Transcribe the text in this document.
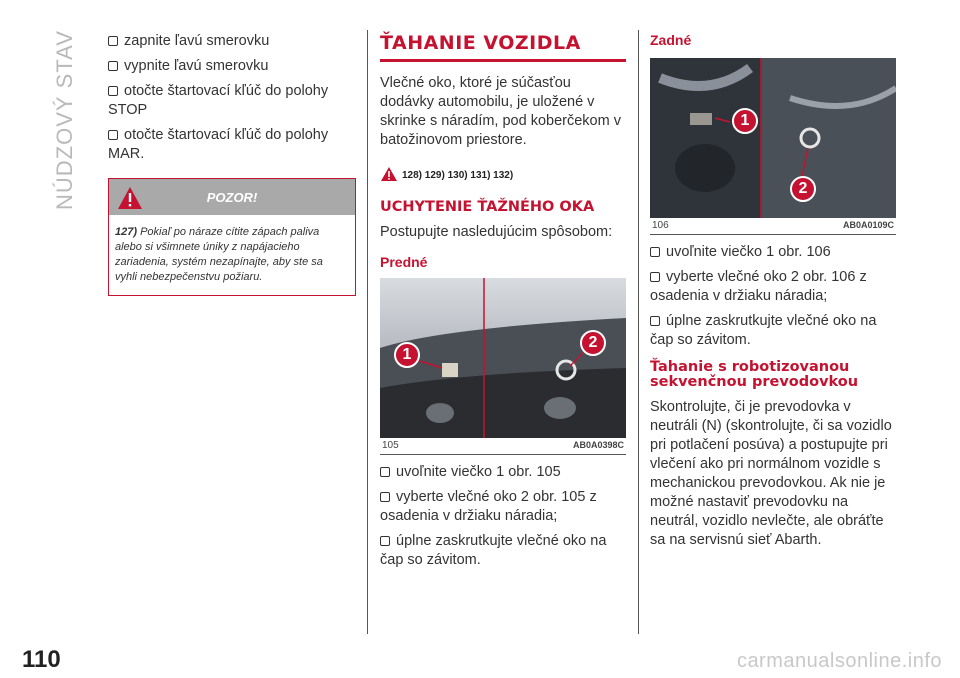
NÚDZOVÝ STAV	zapnite ľavú smerovku
vypnite ľavú smerovku
otočte štartovací kľúč do polohy STOP
otočte štartovací kľúč do polohy MAR.
POZOR!
127) Pokiaľ po náraze cítite zápach paliva alebo si všimnete úniky z napájacieho zariadenia, systém nezapínajte, aby ste sa vyhli nebezpečenstvu požiaru.
ŤAHANIE VOZIDLA
Vlečné oko, ktoré je súčasťou dodávky automobilu, je uložené v skrinke s náradím, pod koberčekom v batožinovom priestore.
128) 129) 130) 131) 132)
UCHYTENIE ŤAŽNÉHO OKA
Postupujte nasledujúcim spôsobom:
Predné
1
2
105	AB0A0398C
uvoľnite viečko 1 obr. 105
vyberte vlečné oko 2 obr. 105 z osadenia v držiaku náradia;
úplne zaskrutkujte vlečné oko na čap so závitom.
Zadné
1
2
106	AB0A0109C
uvoľnite viečko 1 obr. 106
vyberte vlečné oko 2 obr. 106 z osadenia v držiaku náradia;
úplne zaskrutkujte vlečné oko na čap so závitom.
Ťahanie s robotizovanou sekvenčnou prevodovkou
Skontrolujte, či je prevodovka v neutráli (N) (skontrolujte, či sa vozidlo pri potlačení posúva) a postupujte pri vlečení ako pri normálnom vozidle s mechanickou prevodovkou. Ak nie je možné nastaviť prevodovku na neutrál, vozidlo nevlečte, ale obráťte sa na servisnú sieť Abarth.
110	carmanualsonline.info
